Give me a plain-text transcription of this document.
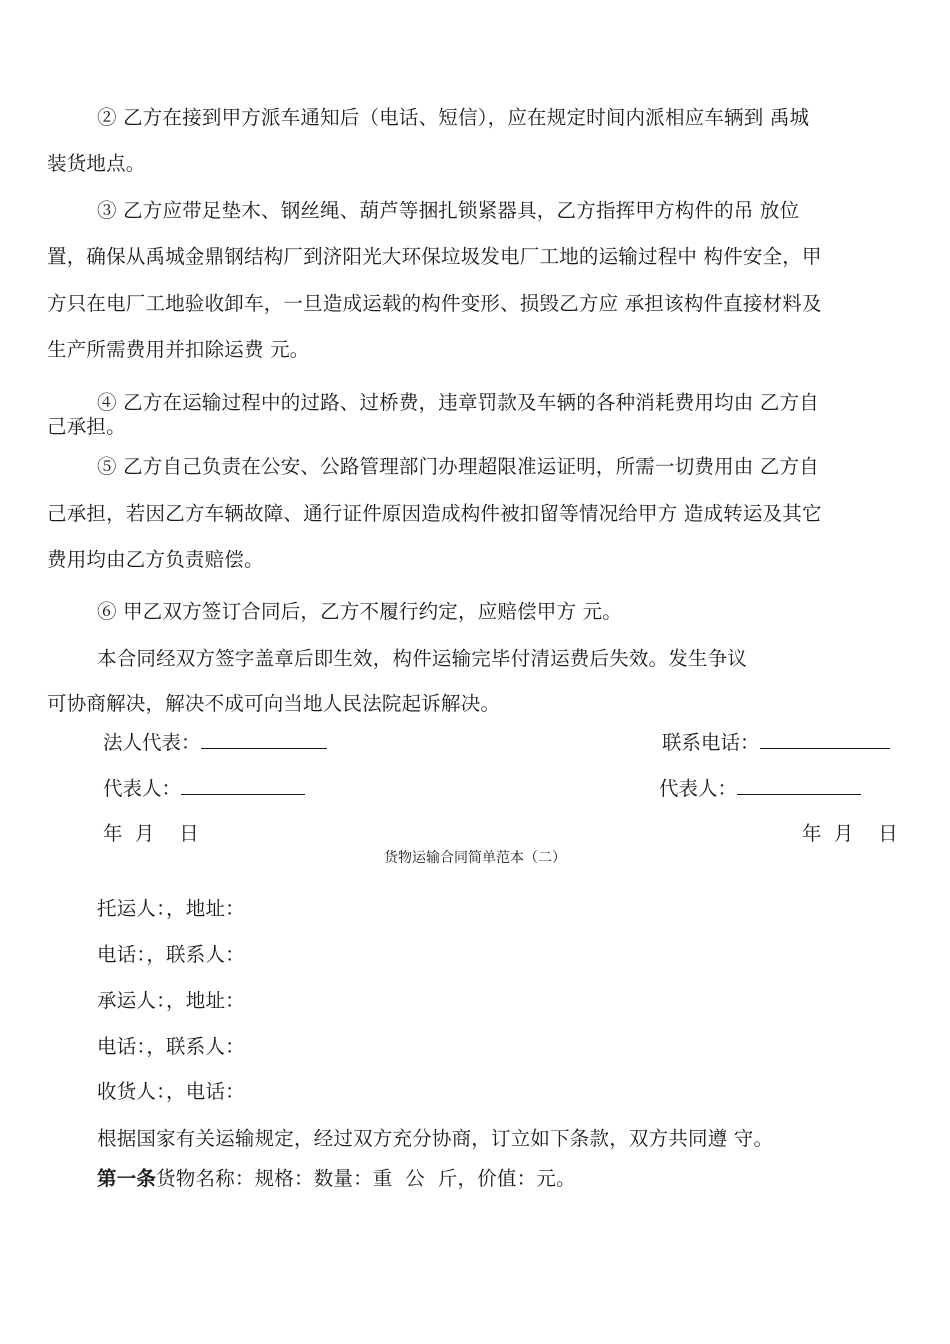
② 乙方在接到甲方派车通知后（电话、短信），应在规定时间内派相应车辆到 禹城
装货地点。
③ 乙方应带足垫木、钢丝绳、葫芦等捆扎锁紧器具，乙方指挥甲方构件的吊 放位
置，确保从禹城金鼎钢结构厂到济阳光大环保垃圾发电厂工地的运输过程中 构件安全，甲
方只在电厂工地验收卸车，一旦造成运载的构件变形、损毁乙方应 承担该构件直接材料及
生产所需费用并扣除运费 元。
④ 乙方在运输过程中的过路、过桥费，违章罚款及车辆的各种消耗费用均由 乙方自
己承担。
⑤ 乙方自己负责在公安、公路管理部门办理超限准运证明，所需一切费用由 乙方自
己承担，若因乙方车辆故障、通行证件原因造成构件被扣留等情况给甲方 造成转运及其它
费用均由乙方负责赔偿。
⑥ 甲乙双方签订合同后，乙方不履行约定，应赔偿甲方 元。
本合同经双方签字盖章后即生效，构件运输完毕付清运费后失效。发生争议
可协商解决，解决不成可向当地人民法院起诉解决。
法人代表：	联系电话：
代表人：	代表人：
年  月    日	年  月    日
货物运输合同简单范本（二）
托运人：，地址：
电话：，联系人：
承运人：，地址：
电话：，联系人：
收货人：，电话：
根据国家有关运输规定，经过双方充分协商，订立如下条款，双方共同遵 守。
第一条货物名称：规格：数量：重  公  斤，价值：元。
